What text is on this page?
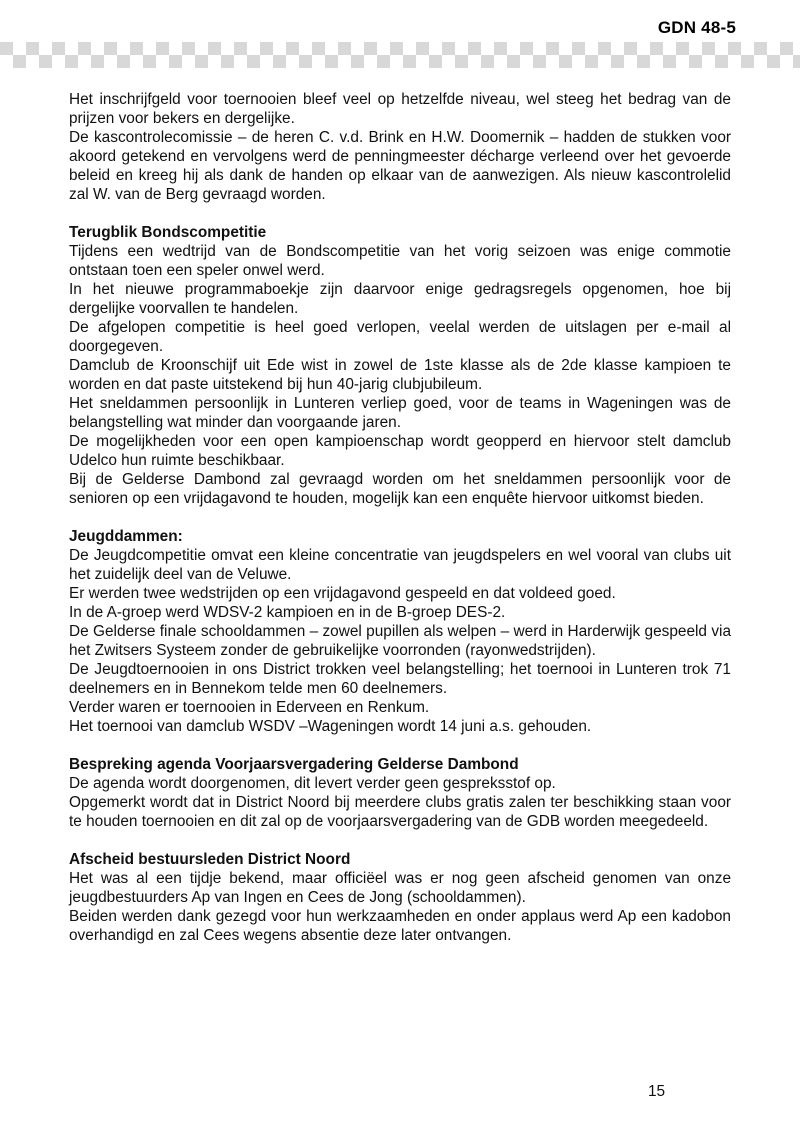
GDN 48-5

Het inschrijfgeld voor toernooien bleef veel op hetzelfde niveau, wel steeg het bedrag van de prijzen voor bekers en dergelijke.

De kascontrolecomissie – de heren C. v.d. Brink en H.W. Doomernik – hadden de stukken voor akoord getekend en vervolgens werd de penningmeester décharge verleend over het gevoerde beleid en kreeg hij als dank de handen op elkaar van de aanwezigen. Als nieuw kascontrolelid zal W. van de Berg gevraagd worden.

Terugblik Bondscompetitie

Tijdens een wedtrijd van de Bondscompetitie van het vorig seizoen was enige commotie ontstaan toen een speler onwel werd.

In het nieuwe programmaboekje zijn daarvoor enige gedragsregels opgenomen, hoe bij dergelijke voorvallen te handelen.

De afgelopen competitie is heel goed verlopen, veelal werden de uitslagen per e-mail al doorgegeven.

Damclub de Kroonschijf uit Ede wist in zowel de 1ste klasse als de 2de klasse kampioen te worden en dat paste uitstekend bij hun 40-jarig clubjubileum.

Het sneldammen persoonlijk in Lunteren verliep goed, voor de teams in Wageningen was de belangstelling wat minder dan voorgaande jaren.

De mogelijkheden voor een open kampioenschap wordt geopperd en hiervoor stelt damclub Udelco hun ruimte beschikbaar.

Bij de Gelderse Dambond zal gevraagd worden om het sneldammen persoonlijk voor de senioren op een vrijdagavond te houden, mogelijk kan een enquête hiervoor uitkomst bieden.

Jeugddammen:

De Jeugdcompetitie omvat een kleine concentratie van jeugdspelers en wel vooral van clubs uit het zuidelijk deel van de Veluwe.

Er werden twee wedstrijden op een vrijdagavond gespeeld en dat voldeed goed.

In de A-groep werd WDSV-2 kampioen en in de B-groep DES-2.

De Gelderse finale schooldammen – zowel pupillen als welpen – werd in Harderwijk gespeeld via het Zwitsers Systeem zonder de gebruikelijke voorronden (rayonwedstrijden).

De Jeugdtoernooien in ons District trokken veel belangstelling; het toernooi in Lunteren trok 71 deelnemers en in Bennekom telde men 60 deelnemers.

Verder waren er toernooien in Ederveen en Renkum.

Het toernooi van damclub WSDV –Wageningen wordt 14 juni a.s. gehouden.

Bespreking agenda Voorjaarsvergadering Gelderse Dambond

De agenda wordt doorgenomen, dit levert verder geen gespreksstof op.

Opgemerkt wordt dat in District Noord bij meerdere clubs gratis zalen ter beschikking staan voor te houden toernooien en dit zal op de voorjaarsvergadering van de GDB worden meegedeeld.

Afscheid bestuursleden District Noord

Het was al een tijdje bekend, maar officiëel was er nog geen afscheid genomen van onze jeugdbestuurders Ap van Ingen en Cees de Jong (schooldammen).

Beiden werden dank gezegd voor hun werkzaamheden en onder applaus werd Ap een kadobon overhandigd en zal Cees wegens absentie deze later ontvangen.

15
